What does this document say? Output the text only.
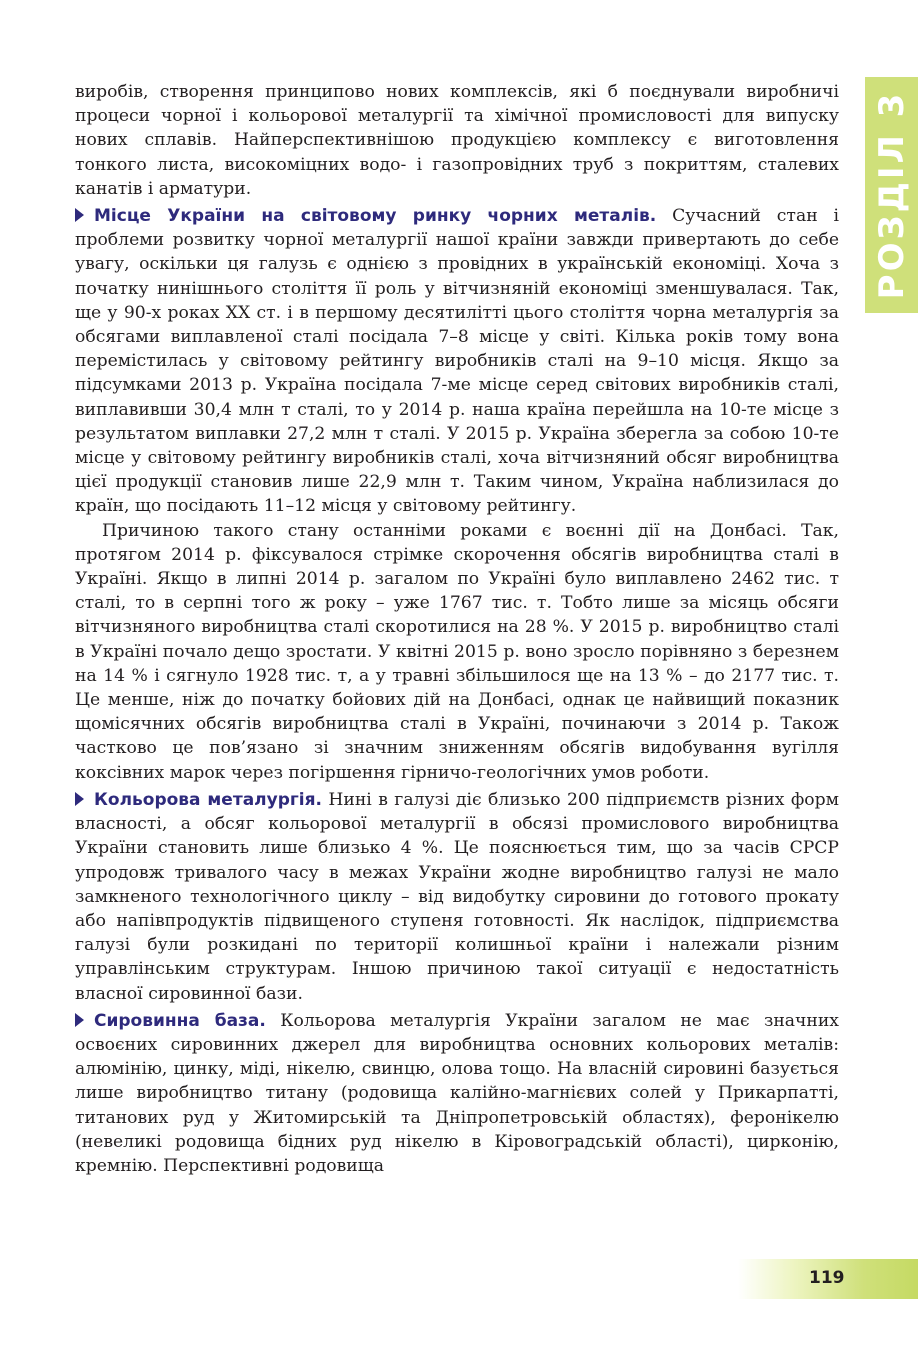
РОЗДІЛ 3

виробів, створення принципово нових комплексів, які б поєднували виробничі процеси чорної і кольорової металургії та хімічної промисловості для випуску нових сплавів. Найперспективнішою продукцією комплексу є виготовлення тонкого листа, високоміцних водо- і газопровідних труб з покриттям, сталевих канатів і арматури.

Місце України на світовому ринку чорних металів. Сучасний стан і проблеми розвитку чорної металургії нашої країни завжди привертають до себе увагу, оскільки ця галузь є однією з провідних в українській економіці. Хоча з початку нинішнього століття її роль у вітчизняній економіці зменшувалася. Так, ще у 90-х роках XX ст. і в першому десятилітті цього століття чорна металургія за обсягами виплавленої сталі посідала 7–8 місце у світі. Кілька років тому вона перемістилась у світовому рейтингу виробників сталі на 9–10 місця. Якщо за підсумками 2013 р. Україна посідала 7-ме місце серед світових виробників сталі, виплавивши 30,4 млн т сталі, то у 2014 р. наша країна перейшла на 10-те місце з результатом виплавки 27,2 млн т сталі. У 2015 р. Україна зберегла за собою 10-те місце у світовому рейтингу виробників сталі, хоча вітчизняний обсяг виробництва цієї продукції становив лише 22,9 млн т. Таким чином, Україна наблизилася до країн, що посідають 11–12 місця у світовому рейтингу.

Причиною такого стану останніми роками є воєнні дії на Донбасі. Так, протягом 2014 р. фіксувалося стрімке скорочення обсягів виробництва сталі в Україні. Якщо в липні 2014 р. загалом по Україні було виплавлено 2462 тис. т сталі, то в серпні того ж року – уже 1767 тис. т. Тобто лише за місяць обсяги вітчизняного виробництва сталі скоротилися на 28 %. У 2015 р. виробництво сталі в Україні почало дещо зростати. У квітні 2015 р. воно зросло порівняно з березнем на 14 % і сягнуло 1928 тис. т, а у травні збільшилося ще на 13 % – до 2177 тис. т. Це менше, ніж до початку бойових дій на Донбасі, однак це найвищий показник щомісячних обсягів виробництва сталі в Україні, починаючи з 2014 р. Також частково це пов’язано зі значним зниженням обсягів видобування вугілля коксівних марок через погіршення гірничо-геологічних умов роботи.

Кольорова металургія. Нині в галузі діє близько 200 підприємств різних форм власності, а обсяг кольорової металургії в обсязі промислового виробництва України становить лише близько 4 %. Це пояснюється тим, що за часів СРСР упродовж тривалого часу в межах України жодне виробництво галузі не мало замкненого технологічного циклу – від видобутку сировини до готового прокату або напівпродуктів підвищеного ступеня готовності. Як наслідок, підприємства галузі були розкидані по території колишньої країни і належали різним управлінським структурам. Іншою причиною такої ситуації є недостатність власної сировинної бази.

Сировинна база. Кольорова металургія України загалом не має значних освоєних сировинних джерел для виробництва основних кольорових металів: алюмінію, цинку, міді, нікелю, свинцю, олова тощо. На власній сировині базується лише виробництво титану (родовища калійно-магнієвих солей у Прикарпатті, титанових руд у Житомирській та Дніпропетровській областях), феронікелю (невеликі родовища бідних руд нікелю в Кіровоградській області), цирконію, кремнію. Перспективні родовища

119
